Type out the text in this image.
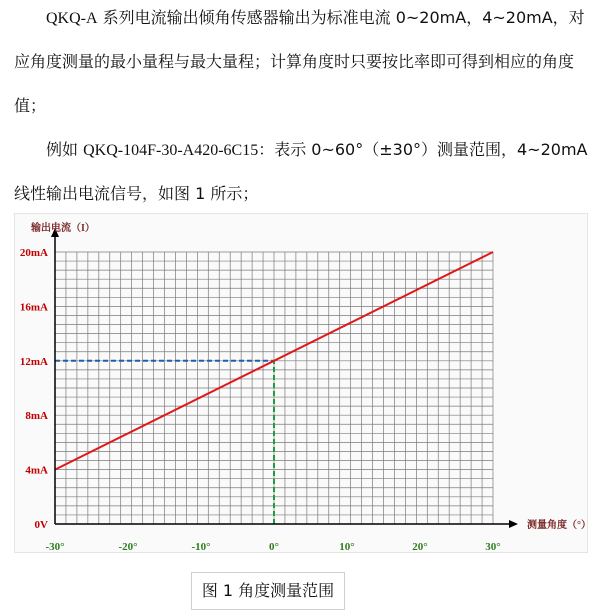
QKQ-A 系列电流输出倾角传感器输出为标准电流 0~20mA，4~20mA，对

应角度测量的最小量程与最大量程；计算角度时只要按比率即可得到相应的角度

值；

例如 QKQ-104F-30-A420-6C15：表示 0~60°（±30°）测量范围，4~20mA

线性输出电流信号，如图 1 所示；

0V
4mA
8mA
12mA
16mA
20mA
-30°	-20°	-10°	0°	10°	20°	30°
输出电流（I）
测量角度（°）
图 1 角度测量范围
